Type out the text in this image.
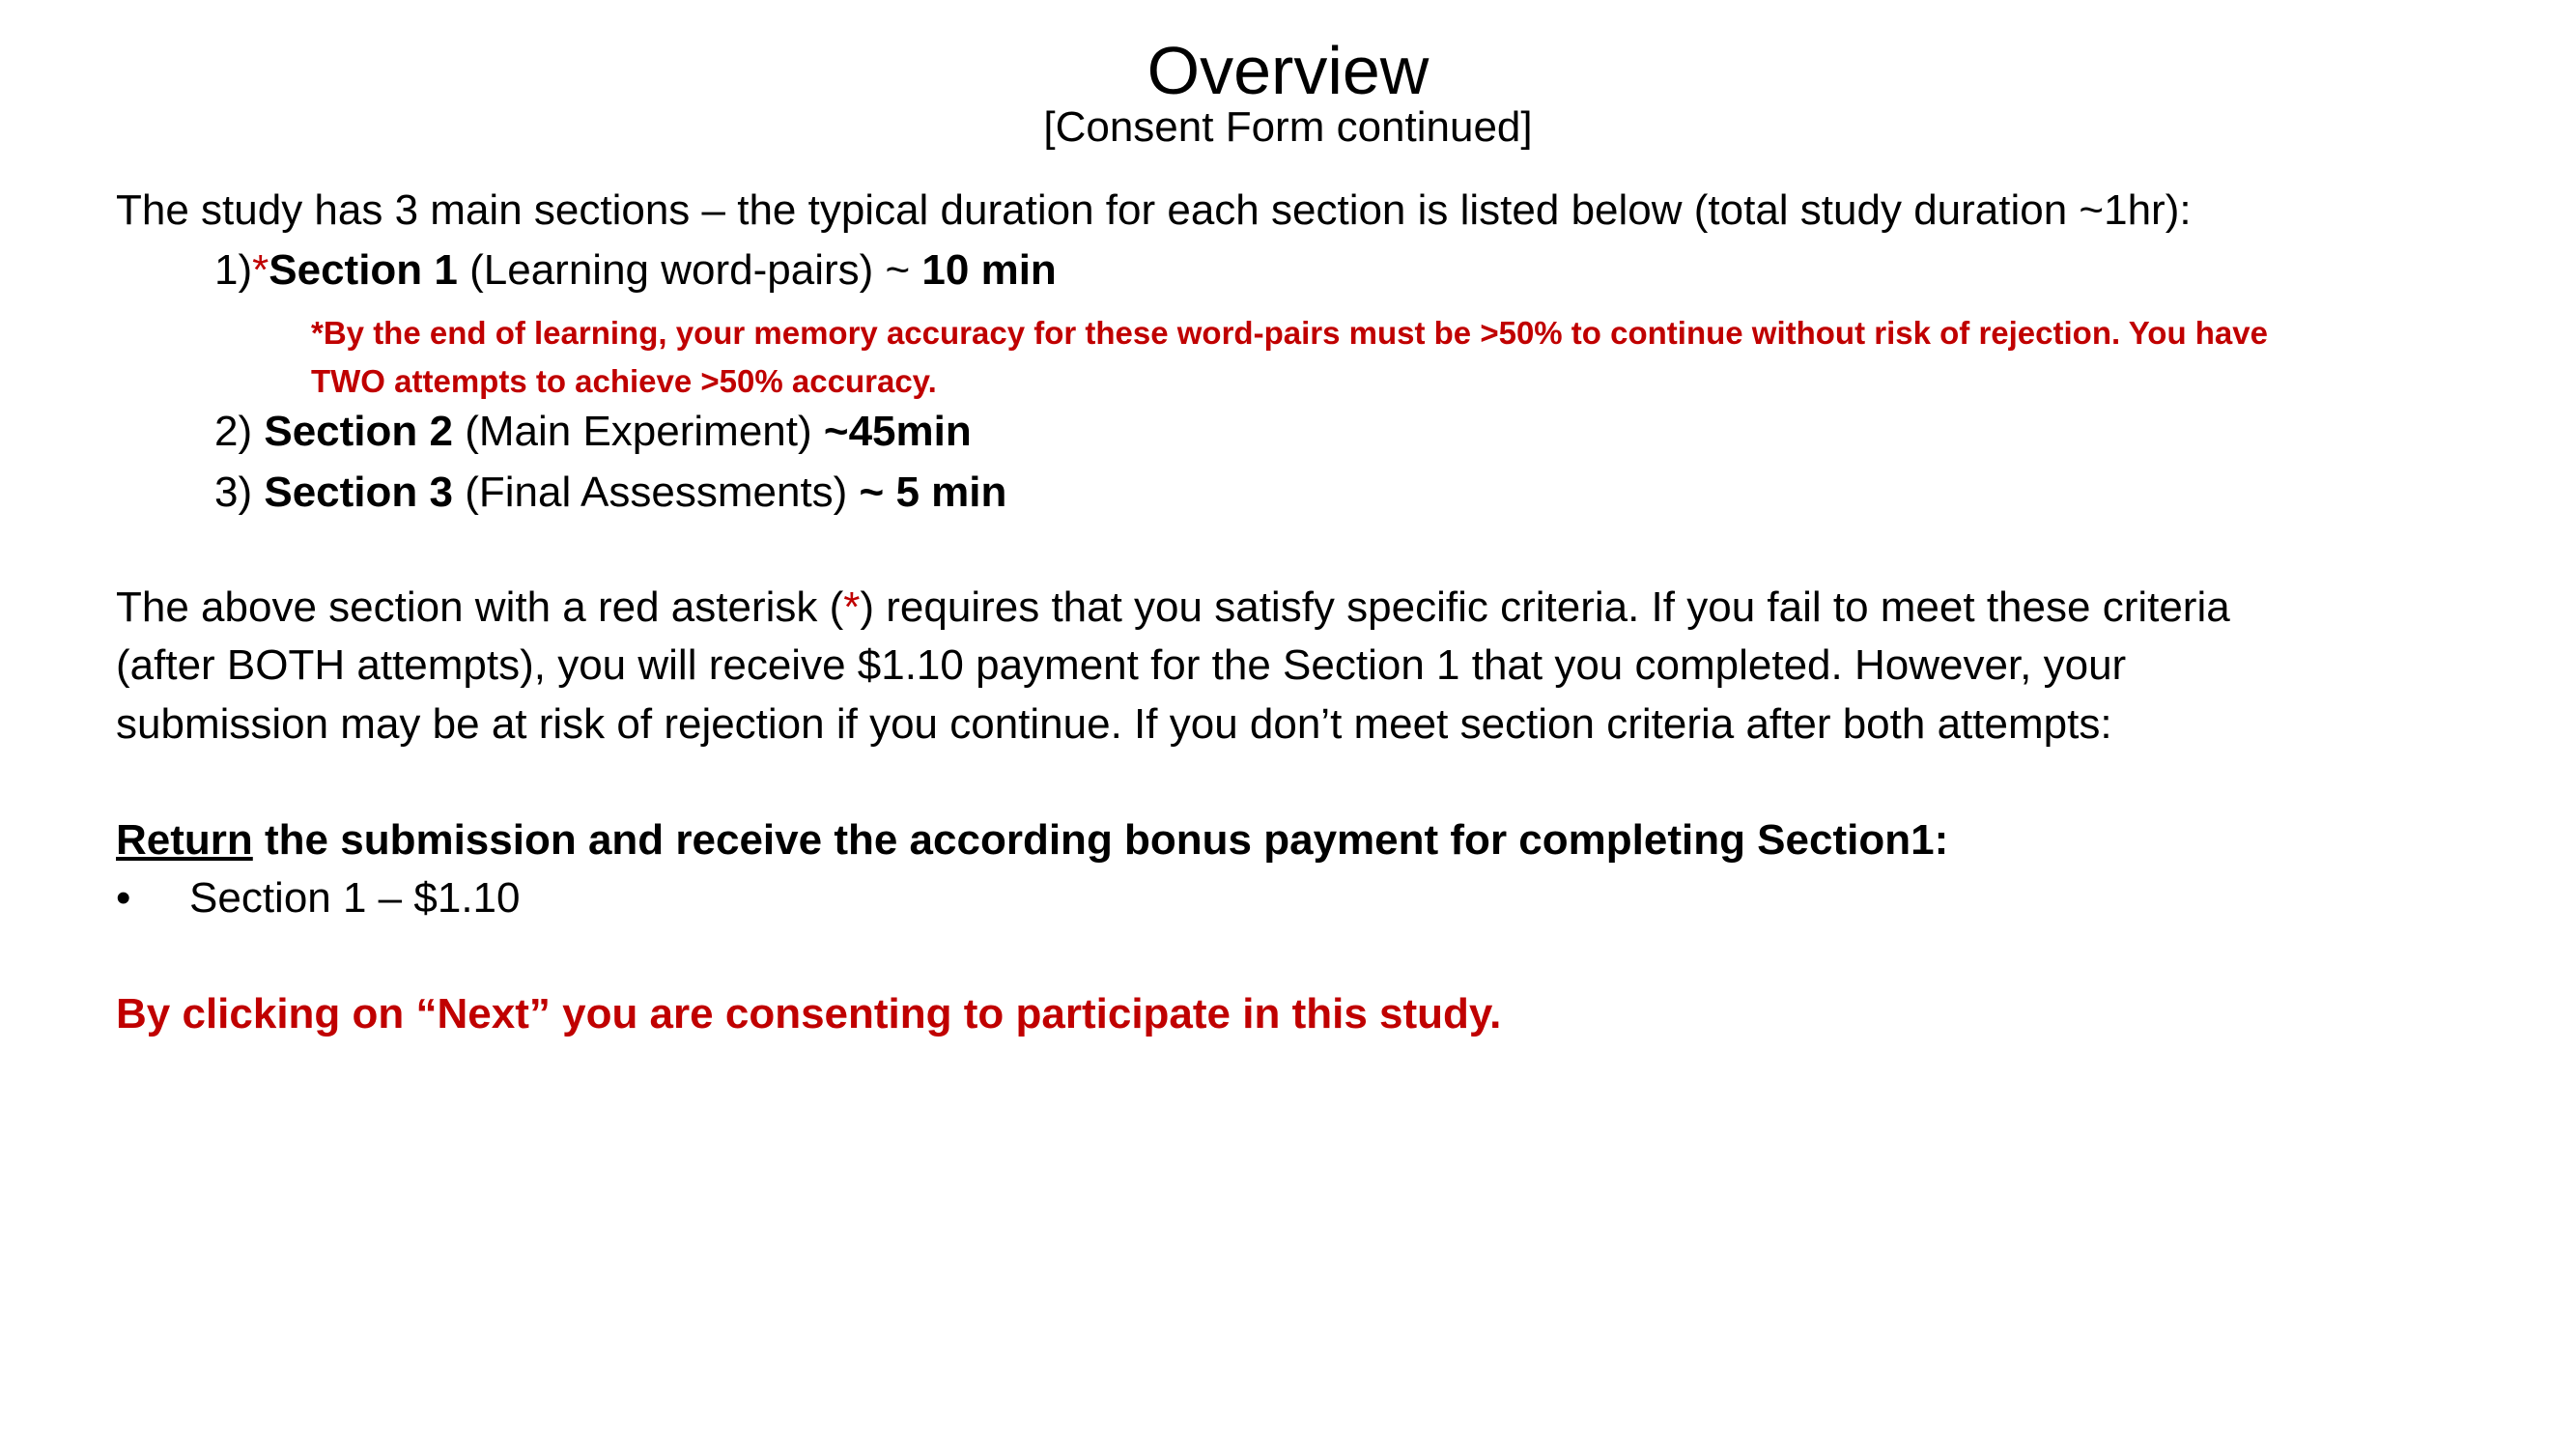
Overview
[Consent Form continued]
The study has 3 main sections – the typical duration for each section is listed below (total study duration ~1hr):
1)*Section 1 (Learning word-pairs) ~ 10 min
*By the end of learning, your memory accuracy for these word-pairs must be >50% to continue without risk of rejection. You have
TWO attempts to achieve >50% accuracy.
2) Section 2 (Main Experiment) ~45min
3) Section 3 (Final Assessments) ~ 5 min
The above section with a red asterisk (*) requires that you satisfy specific criteria. If you fail to meet these criteria
(after BOTH attempts), you will receive $1.10 payment for the Section 1 that you completed. However, your
submission may be at risk of rejection if you continue. If you don’t meet section criteria after both attempts:
Return the submission and receive the according bonus payment for completing Section1:
• Section 1 – $1.10
By clicking on “Next” you are consenting to participate in this study.
